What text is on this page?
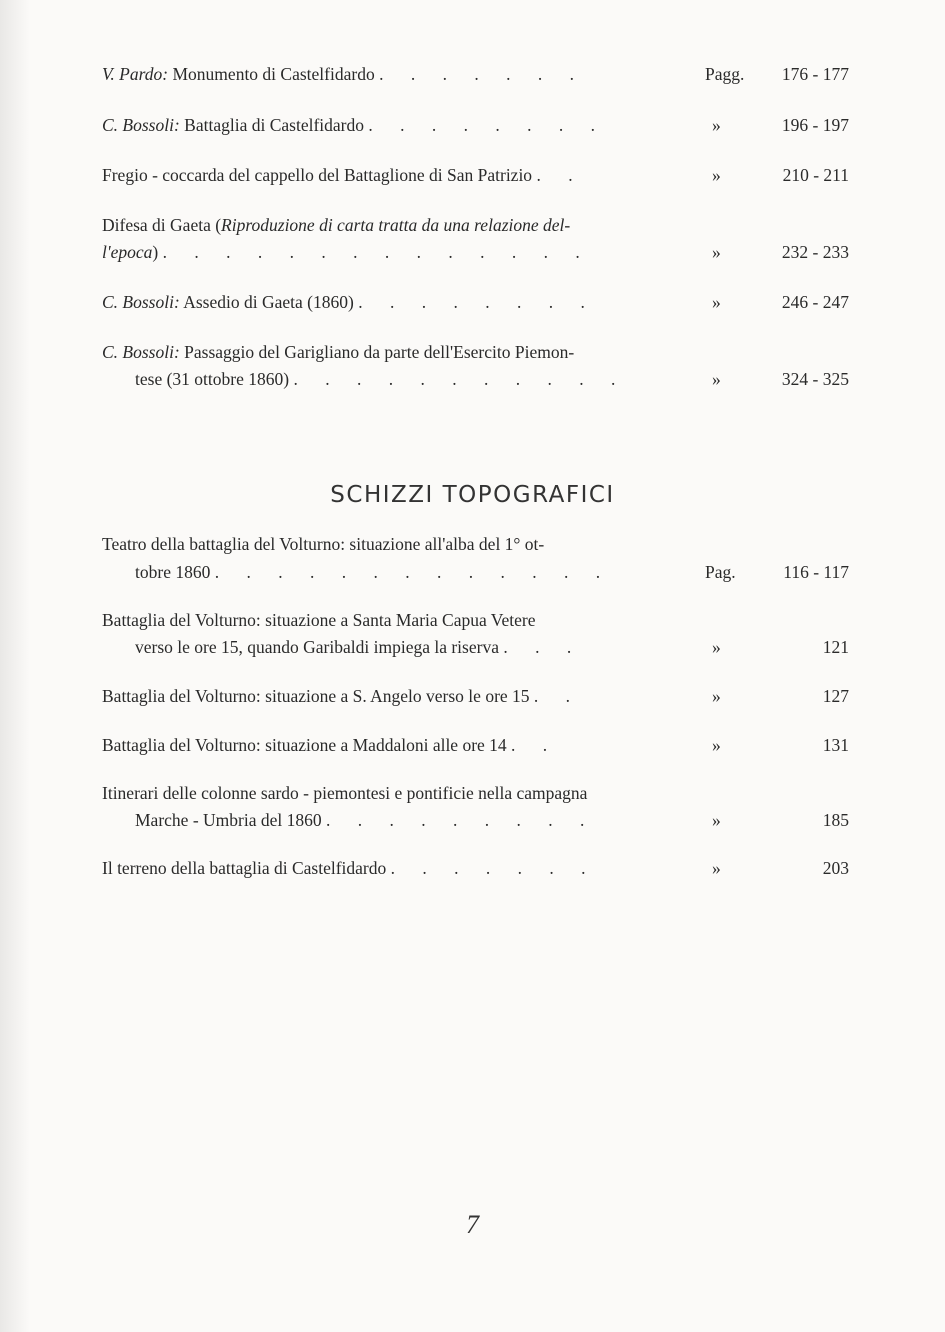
V. Pardo: Monumento di Castelfidardo . . . . . . .	Pagg. 176 - 177
C. Bossoli: Battaglia di Castelfidardo . . . . . . . .	»	196 - 197
Fregio - coccarda del cappello del Battaglione di San Patrizio . .	»	210 - 211
Difesa di Gaeta (Riproduzione di carta tratta da una relazione del-
l'epoca) . . . . . . . . . . . . . .	»	232 - 233
C. Bossoli: Assedio di Gaeta (1860) . . . . . . . .	»	246 - 247
C. Bossoli: Passaggio del Garigliano da parte dell'Esercito Piemon-
tese (31 ottobre 1860) . . . . . . . . . . .	»	324 - 325
SCHIZZI TOPOGRAFICI
Teatro della battaglia del Volturno: situazione all'alba del 1° ot-
tobre 1860 . . . . . . . . . . . . .	Pag.	116 - 117
Battaglia del Volturno: situazione a Santa Maria Capua Vetere
verso le ore 15, quando Garibaldi impiega la riserva . . .	»	121
Battaglia del Volturno: situazione a S. Angelo verso le ore 15 . .	»	127
Battaglia del Volturno: situazione a Maddaloni alle ore 14 . .	»	131
Itinerari delle colonne sardo - piemontesi e pontificie nella campagna
Marche - Umbria del 1860 . . . . . . . . .	»	185
Il terreno della battaglia di Castelfidardo . . . . . . .	»	203
7
